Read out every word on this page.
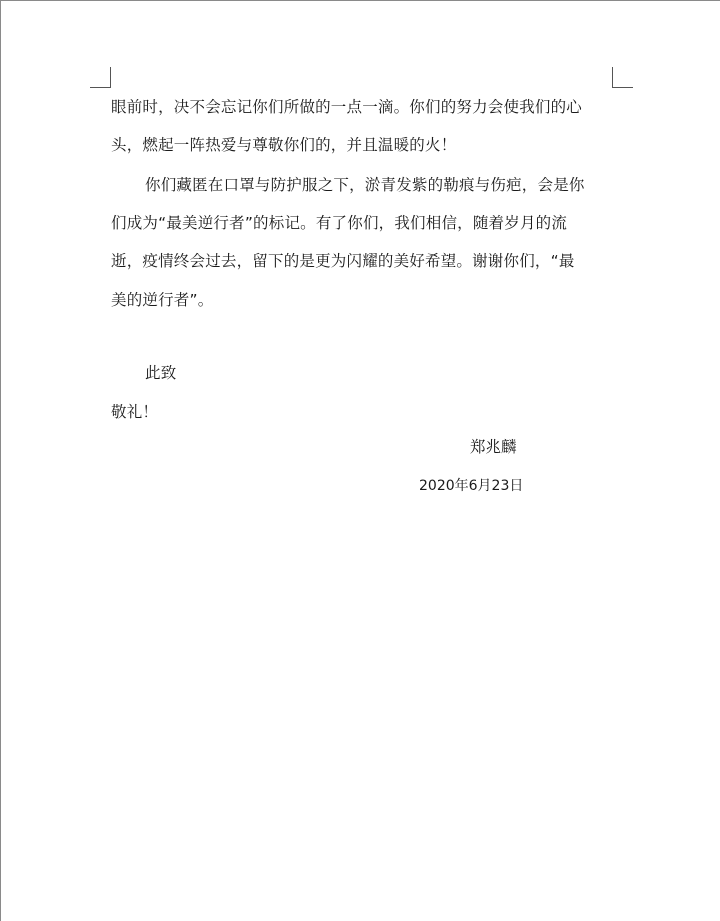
眼前时，决不会忘记你们所做的一点一滴。你们的努力会使我们的心
头，燃起一阵热爱与尊敬你们的，并且温暖的火！
你们藏匿在口罩与防护服之下，淤青发紫的勒痕与伤疤，会是你
们成为“最美逆行者”的标记。有了你们，我们相信，随着岁月的流
逝，疫情终会过去，留下的是更为闪耀的美好希望。谢谢你们，“最
美的逆行者”。
此致
敬礼！
郑兆麟
2020年6月23日
